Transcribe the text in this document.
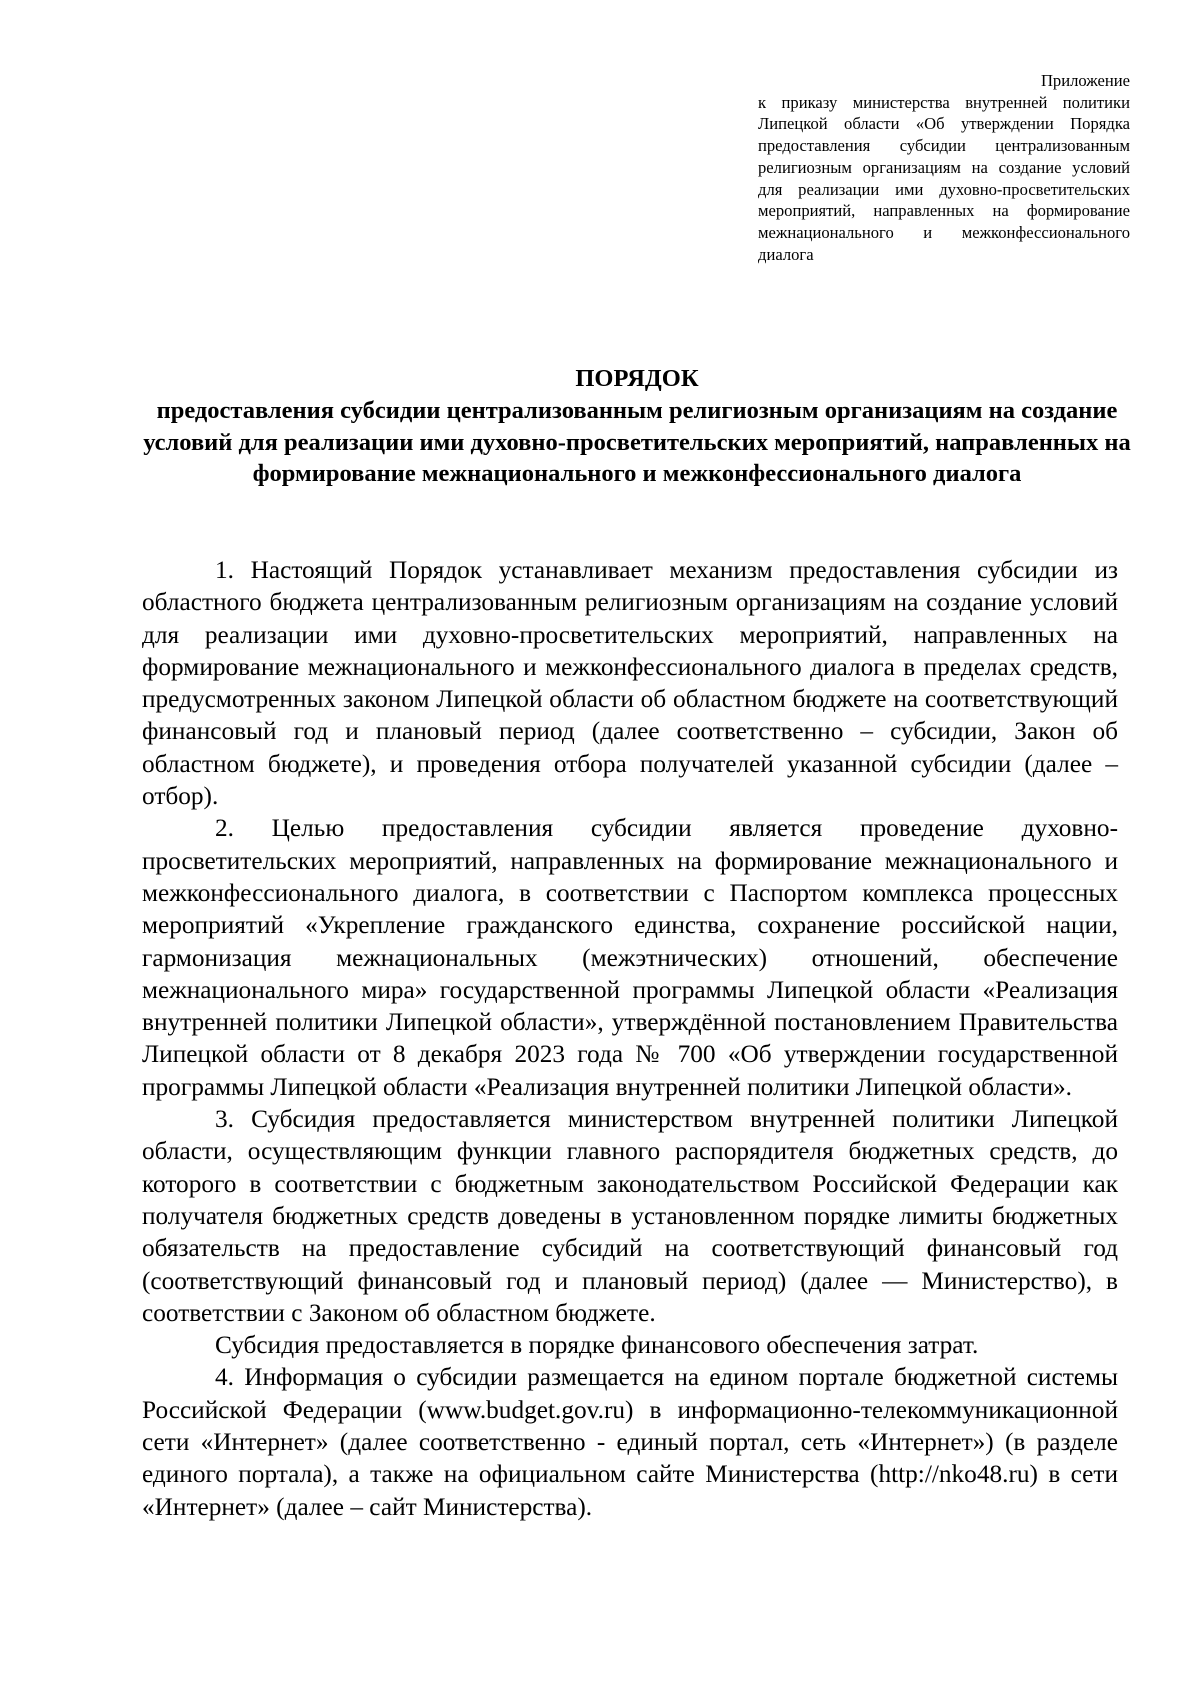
Приложение
к приказу министерства внутренней политики Липецкой области «Об утверждении Порядка предоставления субсидии централизованным религиозным организациям на создание условий для реализации ими духовно-просветительских мероприятий, направленных на формирование межнационального и межконфессионального диалога
ПОРЯДОК
предоставления субсидии централизованным религиозным организациям на создание условий для реализации ими духовно-просветительских мероприятий, направленных на формирование межнационального и межконфессионального диалога

1. Настоящий Порядок устанавливает механизм предоставления субсидии из областного бюджета централизованным религиозным организациям на создание условий для реализации ими духовно-просветительских мероприятий, направленных на формирование межнационального и межконфессионального диалога в пределах средств, предусмотренных законом Липецкой области об областном бюджете на соответствующий финансовый год и плановый период (далее соответственно – субсидии, Закон об областном бюджете), и проведения отбора получателей указанной субсидии (далее – отбор).

2. Целью предоставления субсидии является проведение духовно-просветительских мероприятий, направленных на формирование межнационального и межконфессионального диалога, в соответствии с Паспортом комплекса процессных мероприятий «Укрепление гражданского единства, сохранение российской нации, гармонизация межнациональных (межэтнических) отношений, обеспечение межнационального мира» государственной программы Липецкой области «Реализация внутренней политики Липецкой области», утверждённой постановлением Правительства Липецкой области от 8 декабря 2023 года № 700 «Об утверждении государственной программы Липецкой области «Реализация внутренней политики Липецкой области».

3. Субсидия предоставляется министерством внутренней политики Липецкой области, осуществляющим функции главного распорядителя бюджетных средств, до которого в соответствии с бюджетным законодательством Российской Федерации как получателя бюджетных средств доведены в установленном порядке лимиты бюджетных обязательств на предоставление субсидий на соответствующий финансовый год (соответствующий финансовый год и плановый период) (далее — Министерство), в соответствии с Законом об областном бюджете.

Субсидия предоставляется в порядке финансового обеспечения затрат.

4. Информация о субсидии размещается на едином портале бюджетной системы Российской Федерации (www.budget.gov.ru) в информационно-телекоммуникационной сети «Интернет» (далее соответственно - единый портал, сеть «Интернет») (в разделе единого портала), а также на официальном сайте Министерства (http://nko48.ru) в сети «Интернет» (далее – сайт Министерства).
